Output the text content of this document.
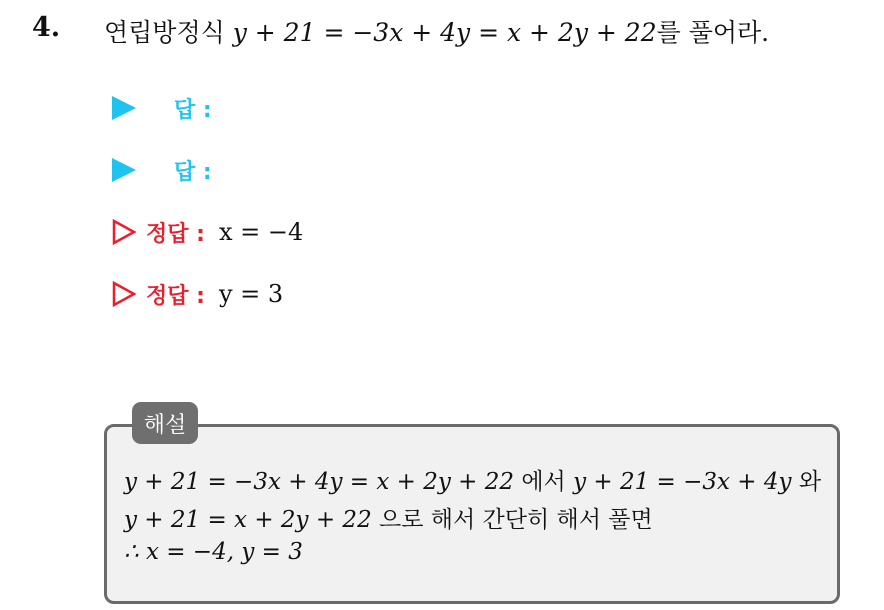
4. 연립방정식 y + 21 = −3x + 4y = x + 2y + 22를 풀어라.
답 :
답 :
정답 : x = −4
정답 : y = 3
해설
y + 21 = −3x + 4y = x + 2y + 22 에서 y + 21 = −3x + 4y 와
y + 21 = x + 2y + 22 으로 해서 간단히 해서 풀면
∴ x = −4, y = 3
